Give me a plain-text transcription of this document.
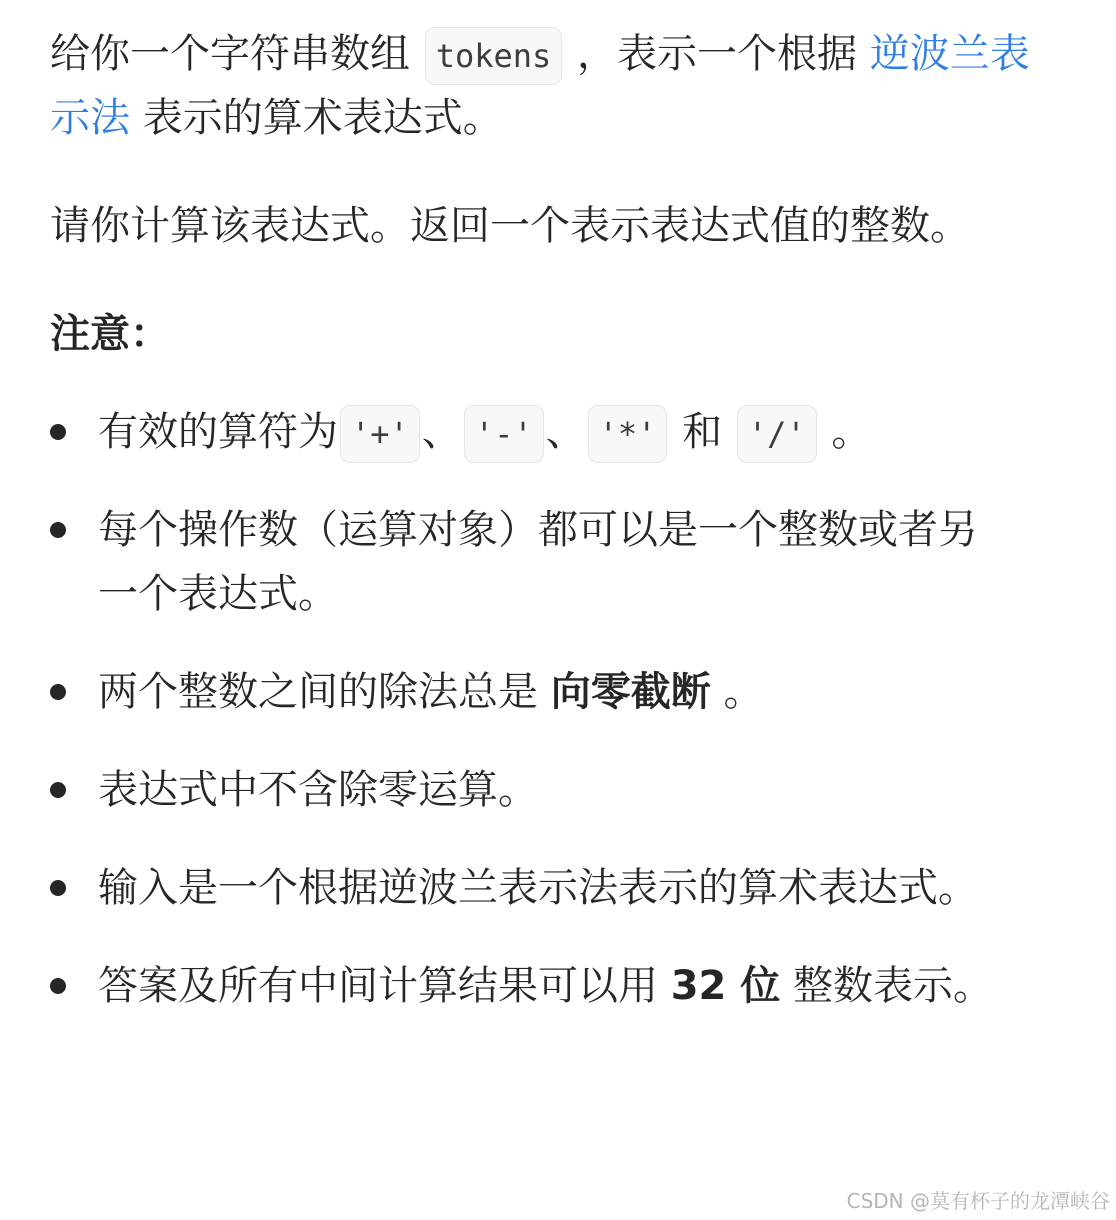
给你一个字符串数组 tokens ，表示一个根据 逆波兰表示法 表示的算术表达式。

请你计算该表达式。返回一个表示表达式值的整数。

注意：

有效的算符为 '+' 、 '-' 、 '*' 和 '/' 。
每个操作数（运算对象）都可以是一个整数或者另一个表达式。
两个整数之间的除法总是 向零截断 。
表达式中不含除零运算。
输入是一个根据逆波兰表示法表示的算术表达式。
答案及所有中间计算结果可以用 32 位 整数表示。
CSDN @莫有杯子的龙潭峡谷
